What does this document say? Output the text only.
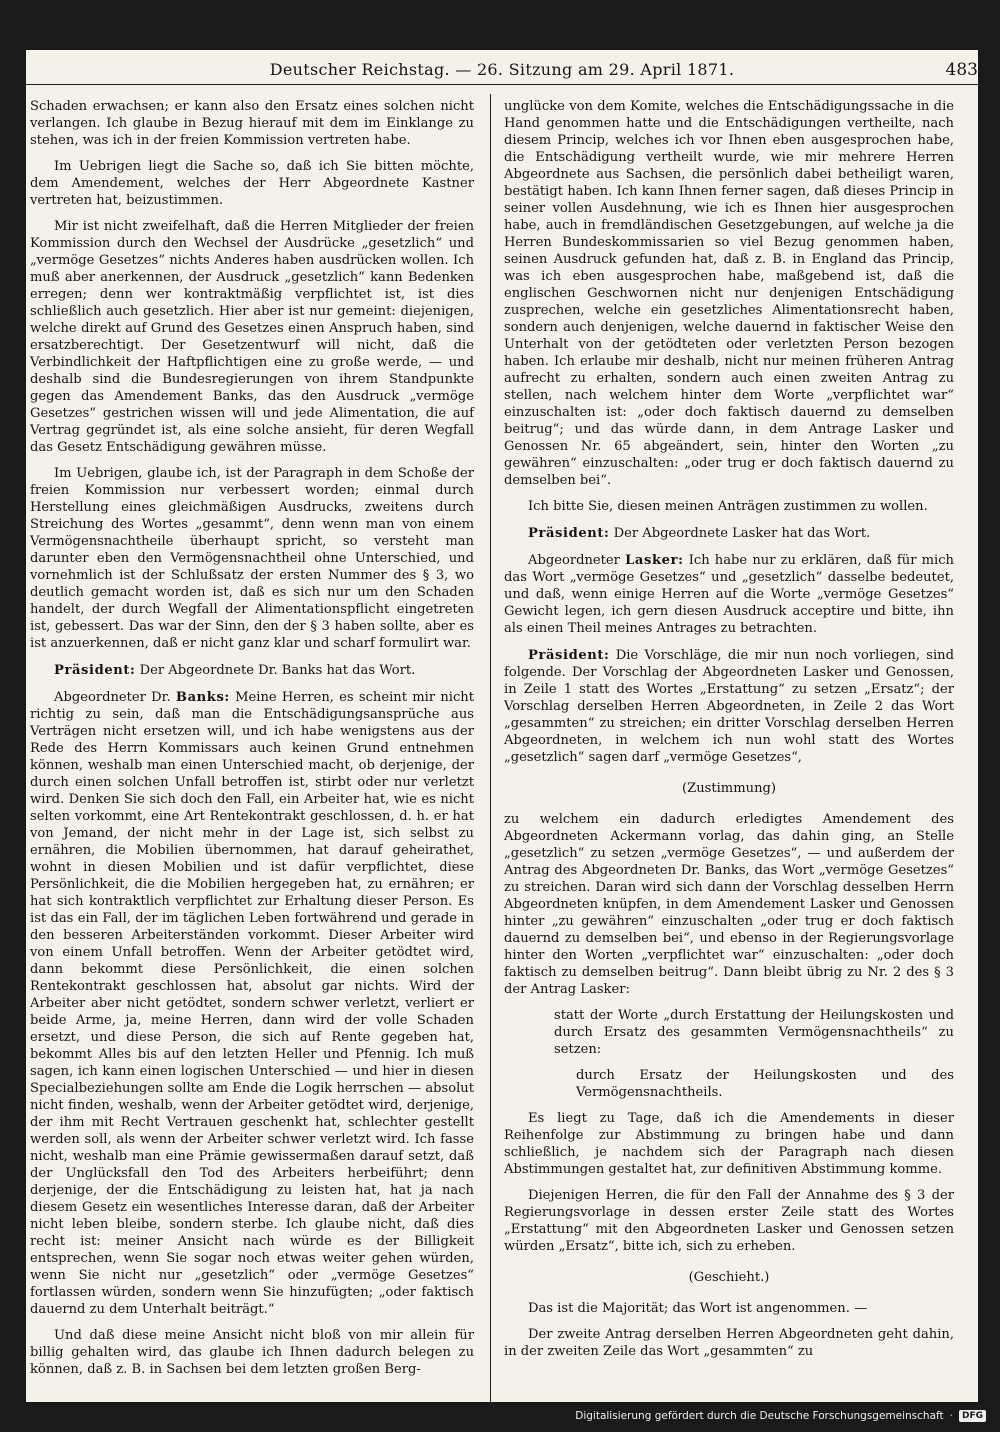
Deutscher Reichstag. — 26. Sitzung am 29. April 1871.	483

Schaden erwachsen; er kann also den Ersatz eines solchen nicht verlangen. Ich glaube in Bezug hierauf mit dem im Einklange zu stehen, was ich in der freien Kommission vertreten habe.

Im Uebrigen liegt die Sache so, daß ich Sie bitten möchte, dem Amendement, welches der Herr Abgeordnete Kastner vertreten hat, beizustimmen.

Mir ist nicht zweifelhaft, daß die Herren Mitglieder der freien Kommission durch den Wechsel der Ausdrücke „gesetzlich“ und „vermöge Gesetzes“ nichts Anderes haben ausdrücken wollen. Ich muß aber anerkennen, der Ausdruck „gesetzlich“ kann Bedenken erregen; denn wer kontraktmäßig verpflichtet ist, ist dies schließlich auch gesetzlich. Hier aber ist nur gemeint: diejenigen, welche direkt auf Grund des Gesetzes einen Anspruch haben, sind ersatzberechtigt. Der Gesetzentwurf will nicht, daß die Verbindlichkeit der Haftpflichtigen eine zu große werde, — und deshalb sind die Bundesregierungen von ihrem Standpunkte gegen das Amendement Banks, das den Ausdruck „vermöge Gesetzes“ gestrichen wissen will und jede Alimentation, die auf Vertrag gegründet ist, als eine solche ansieht, für deren Wegfall das Gesetz Entschädigung gewähren müsse.

Im Uebrigen, glaube ich, ist der Paragraph in dem Schoße der freien Kommission nur verbessert worden; einmal durch Herstellung eines gleichmäßigen Ausdrucks, zweitens durch Streichung des Wortes „gesammt“, denn wenn man von einem Vermögensnachtheile überhaupt spricht, so versteht man darunter eben den Vermögensnachtheil ohne Unterschied, und vornehmlich ist der Schlußsatz der ersten Nummer des § 3, wo deutlich gemacht worden ist, daß es sich nur um den Schaden handelt, der durch Wegfall der Alimentationspflicht eingetreten ist, gebessert. Das war der Sinn, den der § 3 haben sollte, aber es ist anzuerkennen, daß er nicht ganz klar und scharf formulirt war.

Präsident: Der Abgeordnete Dr. Banks hat das Wort.

Abgeordneter Dr. Banks: Meine Herren, es scheint mir nicht richtig zu sein, daß man die Entschädigungsansprüche aus Verträgen nicht ersetzen will, und ich habe wenigstens aus der Rede des Herrn Kommissars auch keinen Grund entnehmen können, weshalb man einen Unterschied macht, ob derjenige, der durch einen solchen Unfall betroffen ist, stirbt oder nur verletzt wird. Denken Sie sich doch den Fall, ein Arbeiter hat, wie es nicht selten vorkommt, eine Art Rentekontrakt geschlossen, d. h. er hat von Jemand, der nicht mehr in der Lage ist, sich selbst zu ernähren, die Mobilien übernommen, hat darauf geheirathet, wohnt in diesen Mobilien und ist dafür verpflichtet, diese Persönlichkeit, die die Mobilien hergegeben hat, zu ernähren; er hat sich kontraktlich verpflichtet zur Erhaltung dieser Person. Es ist das ein Fall, der im täglichen Leben fortwährend und gerade in den besseren Arbeiterständen vorkommt. Dieser Arbeiter wird von einem Unfall betroffen. Wenn der Arbeiter getödtet wird, dann bekommt diese Persönlichkeit, die einen solchen Rentekontrakt geschlossen hat, absolut gar nichts. Wird der Arbeiter aber nicht getödtet, sondern schwer verletzt, verliert er beide Arme, ja, meine Herren, dann wird der volle Schaden ersetzt, und diese Person, die sich auf Rente gegeben hat, bekommt Alles bis auf den letzten Heller und Pfennig. Ich muß sagen, ich kann einen logischen Unterschied — und hier in diesen Specialbeziehungen sollte am Ende die Logik herrschen — absolut nicht finden, weshalb, wenn der Arbeiter getödtet wird, derjenige, der ihm mit Recht Vertrauen geschenkt hat, schlechter gestellt werden soll, als wenn der Arbeiter schwer verletzt wird. Ich fasse nicht, weshalb man eine Prämie gewissermaßen darauf setzt, daß der Unglücksfall den Tod des Arbeiters herbeiführt; denn derjenige, der die Entschädigung zu leisten hat, hat ja nach diesem Gesetz ein wesentliches Interesse daran, daß der Arbeiter nicht leben bleibe, sondern sterbe. Ich glaube nicht, daß dies recht ist: meiner Ansicht nach würde es der Billigkeit entsprechen, wenn Sie sogar noch etwas weiter gehen würden, wenn Sie nicht nur „gesetzlich“ oder „vermöge Gesetzes“ fortlassen würden, sondern wenn Sie hinzufügten; „oder faktisch dauernd zu dem Unterhalt beiträgt.“

Und daß diese meine Ansicht nicht bloß von mir allein für billig gehalten wird, das glaube ich Ihnen dadurch belegen zu können, daß z. B. in Sachsen bei dem letzten großen Berg-

unglücke von dem Komite, welches die Entschädigungssache in die Hand genommen hatte und die Entschädigungen vertheilte, nach diesem Princip, welches ich vor Ihnen eben ausgesprochen habe, die Entschädigung vertheilt wurde, wie mir mehrere Herren Abgeordnete aus Sachsen, die persönlich dabei betheiligt waren, bestätigt haben. Ich kann Ihnen ferner sagen, daß dieses Princip in seiner vollen Ausdehnung, wie ich es Ihnen hier ausgesprochen habe, auch in fremdländischen Gesetzgebungen, auf welche ja die Herren Bundeskommissarien so viel Bezug genommen haben, seinen Ausdruck gefunden hat, daß z. B. in England das Princip, was ich eben ausgesprochen habe, maßgebend ist, daß die englischen Geschwornen nicht nur denjenigen Entschädigung zusprechen, welche ein gesetzliches Alimentationsrecht haben, sondern auch denjenigen, welche dauernd in faktischer Weise den Unterhalt von der getödteten oder verletzten Person bezogen haben. Ich erlaube mir deshalb, nicht nur meinen früheren Antrag aufrecht zu erhalten, sondern auch einen zweiten Antrag zu stellen, nach welchem hinter dem Worte „verpflichtet war“ einzuschalten ist: „oder doch faktisch dauernd zu demselben beitrug“; und das würde dann, in dem Antrage Lasker und Genossen Nr. 65 abgeändert, sein, hinter den Worten „zu gewähren“ einzuschalten: „oder trug er doch faktisch dauernd zu demselben bei“.

Ich bitte Sie, diesen meinen Anträgen zustimmen zu wollen.

Präsident: Der Abgeordnete Lasker hat das Wort.

Abgeordneter Lasker: Ich habe nur zu erklären, daß für mich das Wort „vermöge Gesetzes“ und „gesetzlich“ dasselbe bedeutet, und daß, wenn einige Herren auf die Worte „vermöge Gesetzes“ Gewicht legen, ich gern diesen Ausdruck acceptire und bitte, ihn als einen Theil meines Antrages zu betrachten.

Präsident: Die Vorschläge, die mir nun noch vorliegen, sind folgende. Der Vorschlag der Abgeordneten Lasker und Genossen, in Zeile 1 statt des Wortes „Erstattung“ zu setzen „Ersatz“; der Vorschlag derselben Herren Abgeordneten, in Zeile 2 das Wort „gesammten“ zu streichen; ein dritter Vorschlag derselben Herren Abgeordneten, in welchem ich nun wohl statt des Wortes „gesetzlich“ sagen darf „vermöge Gesetzes“,

(Zustimmung)

zu welchem ein dadurch erledigtes Amendement des Abgeordneten Ackermann vorlag, das dahin ging, an Stelle „gesetzlich“ zu setzen „vermöge Gesetzes“, — und außerdem der Antrag des Abgeordneten Dr. Banks, das Wort „vermöge Gesetzes“ zu streichen. Daran wird sich dann der Vorschlag desselben Herrn Abgeordneten knüpfen, in dem Amendement Lasker und Genossen hinter „zu gewähren“ einzuschalten „oder trug er doch faktisch dauernd zu demselben bei“, und ebenso in der Regierungsvorlage hinter den Worten „verpflichtet war“ einzuschalten: „oder doch faktisch zu demselben beitrug“. Dann bleibt übrig zu Nr. 2 des § 3 der Antrag Lasker:

statt der Worte „durch Erstattung der Heilungskosten und durch Ersatz des gesammten Vermögensnachtheils“ zu setzen:

durch Ersatz der Heilungskosten und des Vermögensnachtheils.

Es liegt zu Tage, daß ich die Amendements in dieser Reihenfolge zur Abstimmung zu bringen habe und dann schließlich, je nachdem sich der Paragraph nach diesen Abstimmungen gestaltet hat, zur definitiven Abstimmung komme.

Diejenigen Herren, die für den Fall der Annahme des § 3 der Regierungsvorlage in dessen erster Zeile statt des Wortes „Erstattung“ mit den Abgeordneten Lasker und Genossen setzen würden „Ersatz“, bitte ich, sich zu erheben.

(Geschieht.)

Das ist die Majorität; das Wort ist angenommen. —

Der zweite Antrag derselben Herren Abgeordneten geht dahin, in der zweiten Zeile das Wort „gesammten“ zu

Digitalisierung gefördert durch die Deutsche Forschungsgemeinschaft ·	DFG
